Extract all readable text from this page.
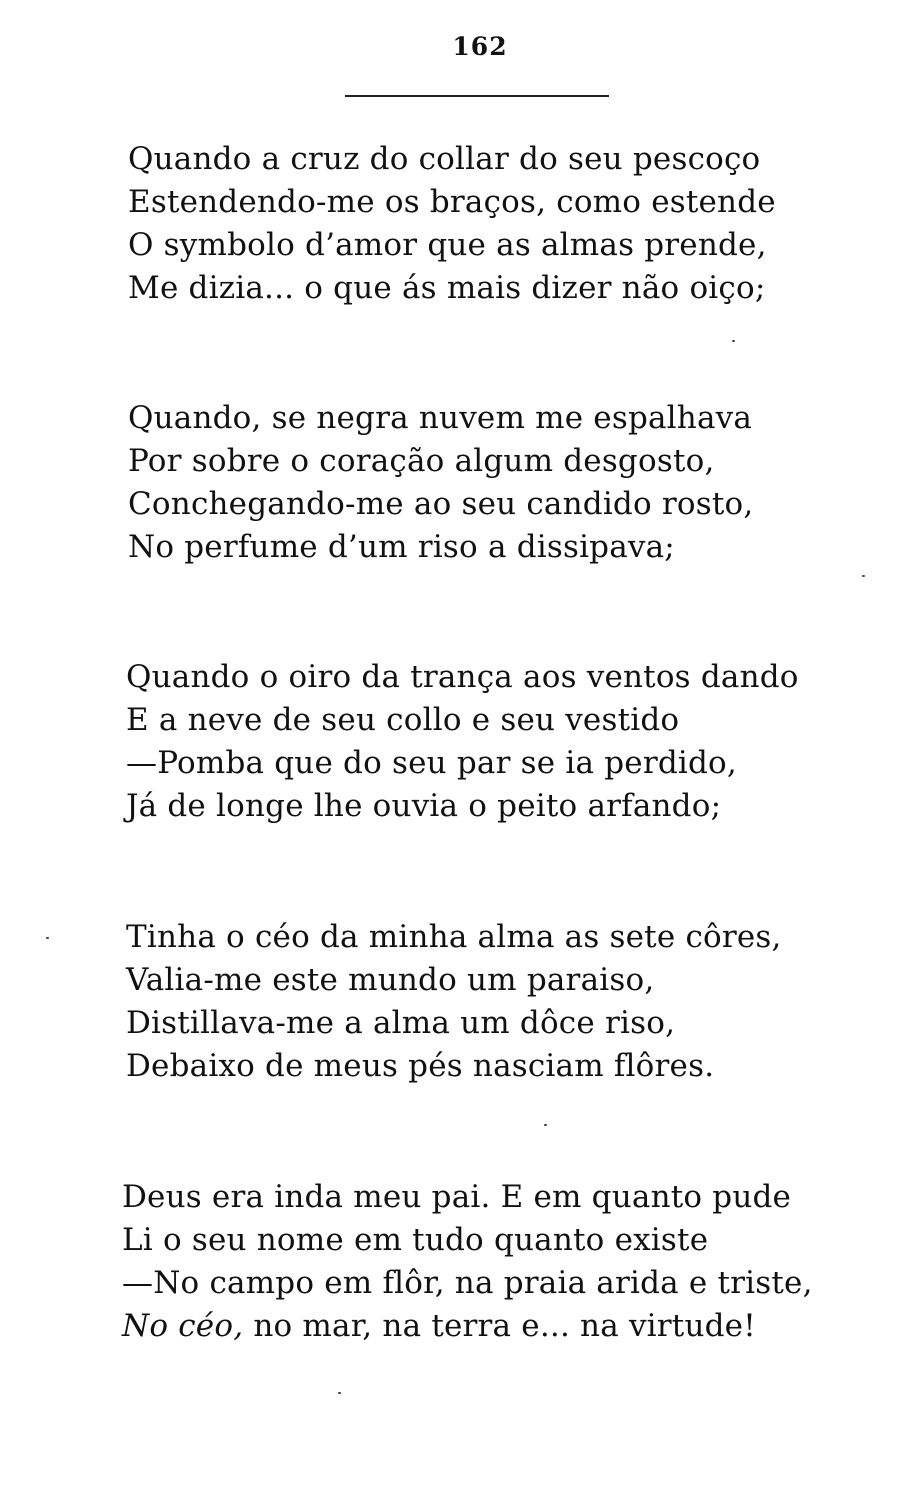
162
Quando a cruz do collar do seu pescoço
Estendendo-me os braços, como estende
O symbolo d’amor que as almas prende,
Me dizia... o que ás mais dizer não oiço;
Quando, se negra nuvem me espalhava
Por sobre o coração algum desgosto,
Conchegando-me ao seu candido rosto,
No perfume d’um riso a dissipava;
Quando o oiro da trança aos ventos dando
E a neve de seu collo e seu vestido
—Pomba que do seu par se ia perdido,
Já de longe lhe ouvia o peito arfando;
Tinha o céo da minha alma as sete côres,
Valia-me este mundo um paraiso,
Distillava-me a alma um dôce riso,
Debaixo de meus pés nasciam flôres.
Deus era inda meu pai. E em quanto pude
Li o seu nome em tudo quanto existe
—No campo em flôr, na praia arida e triste,
No céo, no mar, na terra e... na virtude!
